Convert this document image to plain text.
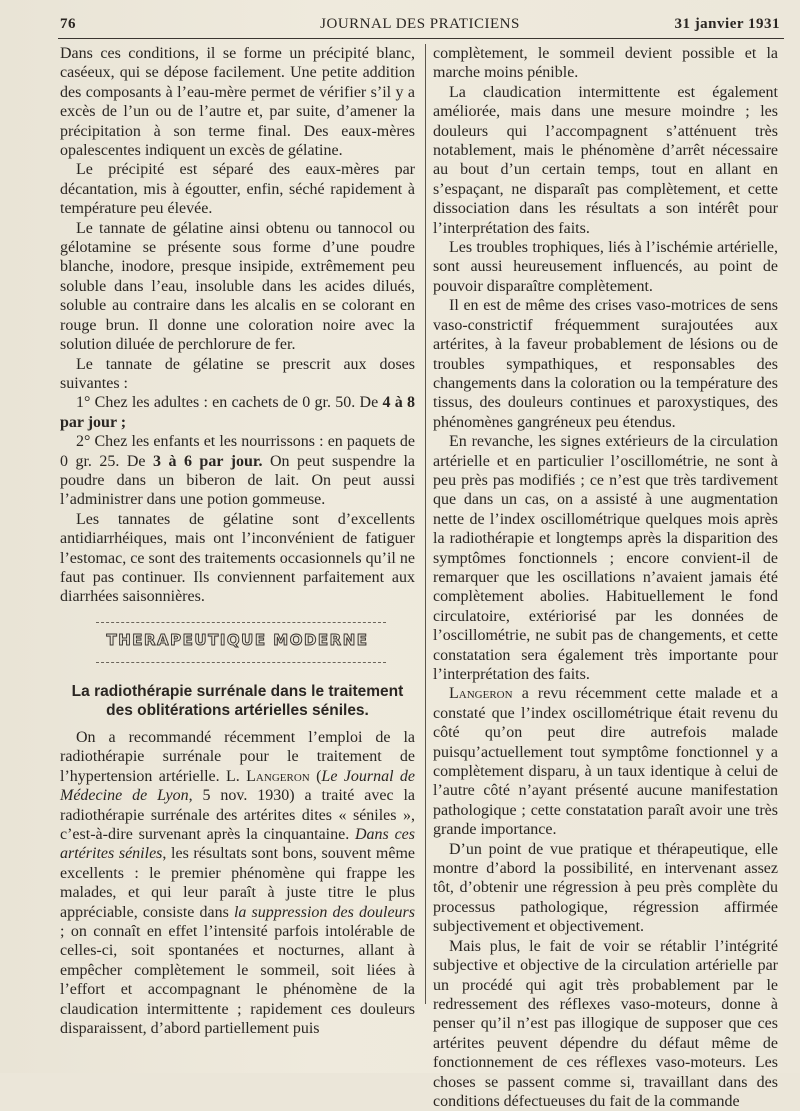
76	JOURNAL DES PRATICIENS	31 janvier 1931

Dans ces conditions, il se forme un précipité blanc, caséeux, qui se dépose facilement. Une petite addition des composants à l’eau-mère permet de vérifier s’il y a excès de l’un ou de l’autre et, par suite, d’amener la précipitation à son terme final. Des eaux-mères opalescentes indiquent un excès de gélatine.

Le précipité est séparé des eaux-mères par décantation, mis à égoutter, enfin, séché rapidement à température peu élevée.

Le tannate de gélatine ainsi obtenu ou tannocol ou gélotamine se présente sous forme d’une poudre blanche, inodore, presque insipide, extrêmement peu soluble dans l’eau, insoluble dans les acides dilués, soluble au contraire dans les alcalis en se colorant en rouge brun. Il donne une coloration noire avec la solution diluée de perchlorure de fer.

Le tannate de gélatine se prescrit aux doses suivantes :

1° Chez les adultes : en cachets de 0 gr. 50. De 4 à 8 par jour ;

2° Chez les enfants et les nourrissons : en paquets de 0 gr. 25. De 3 à 6 par jour. On peut suspendre la poudre dans un biberon de lait. On peut aussi l’administrer dans une potion gommeuse.

Les tannates de gélatine sont d’excellents antidiarrhéiques, mais ont l’inconvénient de fatiguer l’estomac, ce sont des traitements occasionnels qu’il ne faut pas continuer. Ils conviennent parfaitement aux diarrhées saisonnières.

THERAPEUTIQUE MODERNE
La radiothérapie surrénale dans le traitement des oblitérations artérielles séniles.

On a recommandé récemment l’emploi de la radiothérapie surrénale pour le traitement de l’hypertension artérielle. L. Langeron (Le Journal de Médecine de Lyon, 5 nov. 1930) a traité avec la radiothérapie surrénale des artérites dites « séniles », c’est-à-dire survenant après la cinquantaine. Dans ces artérites séniles, les résultats sont bons, souvent même excellents : le premier phénomène qui frappe les malades, et qui leur paraît à juste titre le plus appréciable, consiste dans la suppression des douleurs ; on connaît en effet l’intensité parfois intolérable de celles-ci, soit spontanées et nocturnes, allant à empêcher complètement le sommeil, soit liées à l’effort et accompagnant le phénomène de la claudication intermittente ; rapidement ces douleurs disparaissent, d’abord partiellement puis

complètement, le sommeil devient possible et la marche moins pénible.

La claudication intermittente est également améliorée, mais dans une mesure moindre ; les douleurs qui l’accompagnent s’atténuent très notablement, mais le phénomène d’arrêt nécessaire au bout d’un certain temps, tout en allant en s’espaçant, ne disparaît pas complètement, et cette dissociation dans les résultats a son intérêt pour l’interprétation des faits.

Les troubles trophiques, liés à l’ischémie artérielle, sont aussi heureusement influencés, au point de pouvoir disparaître complètement.

Il en est de même des crises vaso-motrices de sens vaso-constrictif fréquemment surajoutées aux artérites, à la faveur probablement de lésions ou de troubles sympathiques, et responsables des changements dans la coloration ou la température des tissus, des douleurs continues et paroxystiques, des phénomènes gangréneux peu étendus.

En revanche, les signes extérieurs de la circulation artérielle et en particulier l’oscillométrie, ne sont à peu près pas modifiés ; ce n’est que très tardivement que dans un cas, on a assisté à une augmentation nette de l’index oscillométrique quelques mois après la radiothérapie et longtemps après la disparition des symptômes fonctionnels ; encore convient-il de remarquer que les oscillations n’avaient jamais été complètement abolies. Habituellement le fond circulatoire, extériorisé par les données de l’oscillométrie, ne subit pas de changements, et cette constatation sera également très importante pour l’interprétation des faits.

Langeron a revu récemment cette malade et a constaté que l’index oscillométrique était revenu du côté qu’on peut dire autrefois malade puisqu’actuellement tout symptôme fonctionnel y a complètement disparu, à un taux identique à celui de l’autre côté n’ayant présenté aucune manifestation pathologique ; cette constatation paraît avoir une très grande importance.

D’un point de vue pratique et thérapeutique, elle montre d’abord la possibilité, en intervenant assez tôt, d’obtenir une régression à peu près complète du processus pathologique, régression affirmée subjectivement et objectivement.

Mais plus, le fait de voir se rétablir l’intégrité subjective et objective de la circulation artérielle par un procédé qui agit très probablement par le redressement des réflexes vaso-moteurs, donne à penser qu’il n’est pas illogique de supposer que ces artérites peuvent dépendre du défaut même de fonctionnement de ces réflexes vaso-moteurs. Les choses se passent comme si, travaillant dans des conditions défectueuses du fait de la commande
